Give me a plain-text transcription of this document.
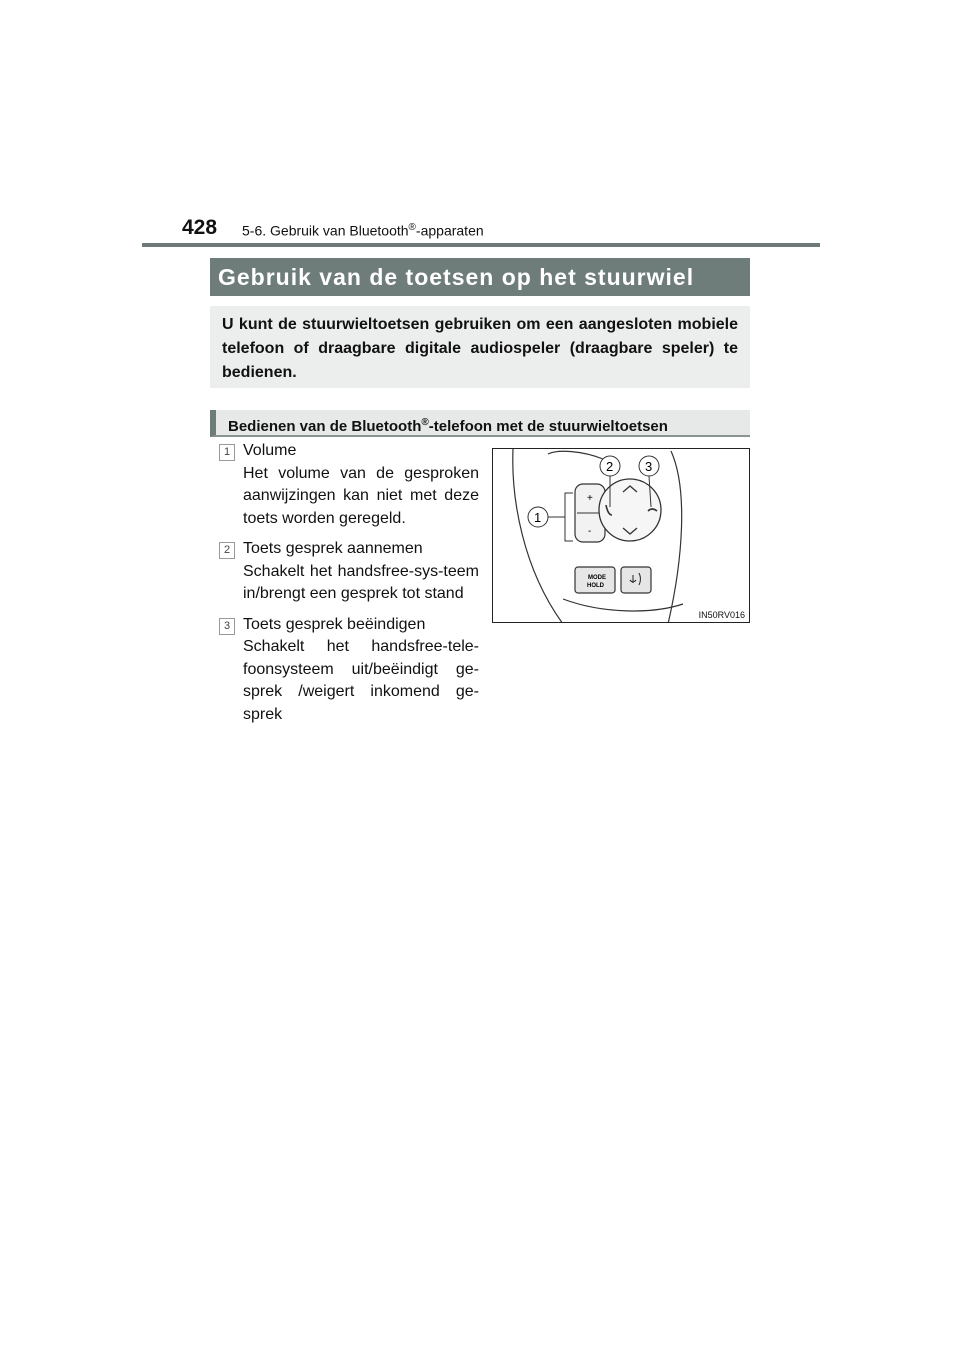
428 5-6. Gebruik van Bluetooth®-apparaten
Gebruik van de toetsen op het stuurwiel
U kunt de stuurwieltoetsen gebruiken om een aangesloten mobiele telefoon of draagbare digitale audiospeler (draagbare speler) te bedienen.
Bedienen van de Bluetooth®-telefoon met de stuurwieltoetsen
1 Volume
Het volume van de gesproken aanwijzingen kan niet met deze toets worden geregeld.
2 Toets gesprek aannemen
Schakelt het handsfree-sys-teem in/brengt een gesprek tot stand
3 Toets gesprek beëindigen
Schakelt het handsfree-tele-foonsysteem uit/beëindigt ge-sprek /weigert inkomend ge-sprek
+
-
MODE
HOLD
1
2 3
IN50RV016
